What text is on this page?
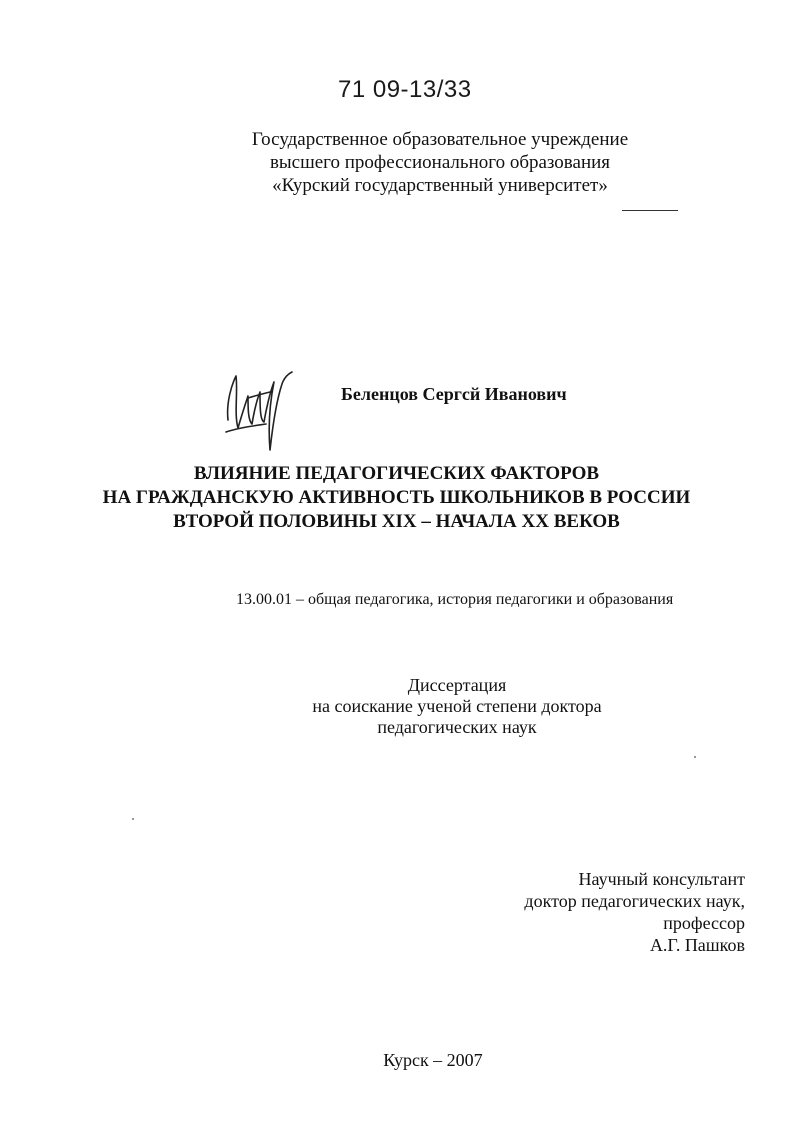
71 09-13/33
Государственное образовательное учреждение
высшего профессионального образования
«Курский государственный университет»
Беленцов Сергсй Иванович
ВЛИЯНИЕ ПЕДАГОГИЧЕСКИХ ФАКТОРОВ
НА ГРАЖДАНСКУЮ АКТИВНОСТЬ ШКОЛЬНИКОВ В РОССИИ
ВТОРОЙ ПОЛОВИНЫ XIX – НАЧАЛА XX ВЕКОВ
13.00.01 – общая педагогика, история педагогики и образования
Диссертация
на соискание ученой степени доктора
педагогических наук
Научный консультант
доктор педагогических наук,
профессор
А.Г. Пашков
Курск – 2007
